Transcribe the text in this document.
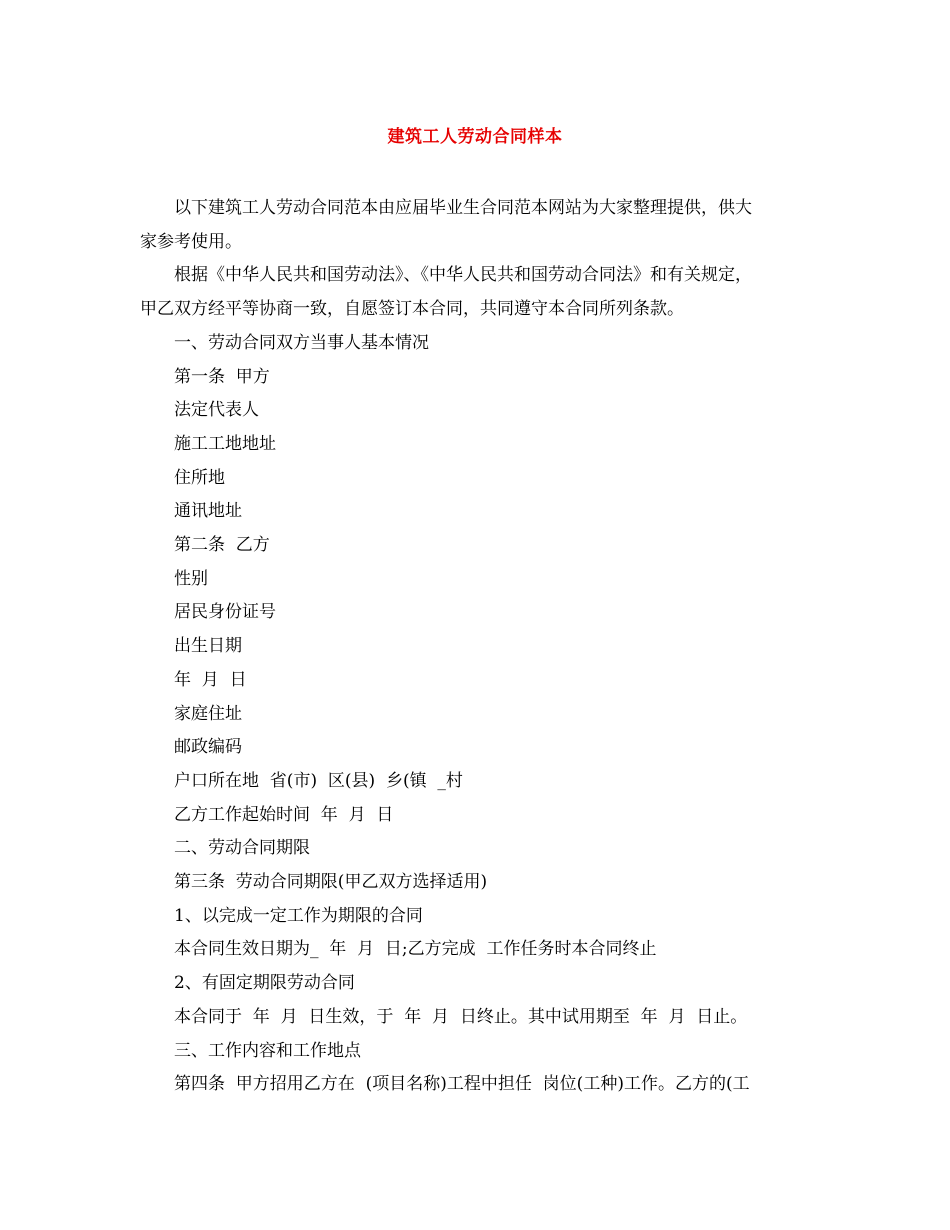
建筑工人劳动合同样本
以下建筑工人劳动合同范本由应届毕业生合同范本网站为大家整理提供，供大
家参考使用。
根据《中华人民共和国劳动法》、《中华人民共和国劳动合同法》和有关规定，
甲乙双方经平等协商一致，自愿签订本合同，共同遵守本合同所列条款。
一、劳动合同双方当事人基本情况
第一条  甲方
法定代表人
施工工地地址
住所地
通讯地址
第二条  乙方
性别
居民身份证号
出生日期
年  月  日
家庭住址
邮政编码
户口所在地  省(市)  区(县)  乡(镇  _村
乙方工作起始时间  年  月  日
二、劳动合同期限
第三条  劳动合同期限(甲乙双方选择适用)
1、以完成一定工作为期限的合同
本合同生效日期为_  年  月  日;乙方完成  工作任务时本合同终止
2、有固定期限劳动合同
本合同于  年  月  日生效，于  年  月  日终止。其中试用期至  年  月  日止。
三、工作内容和工作地点
第四条  甲方招用乙方在  (项目名称)工程中担任  岗位(工种)工作。乙方的(工
